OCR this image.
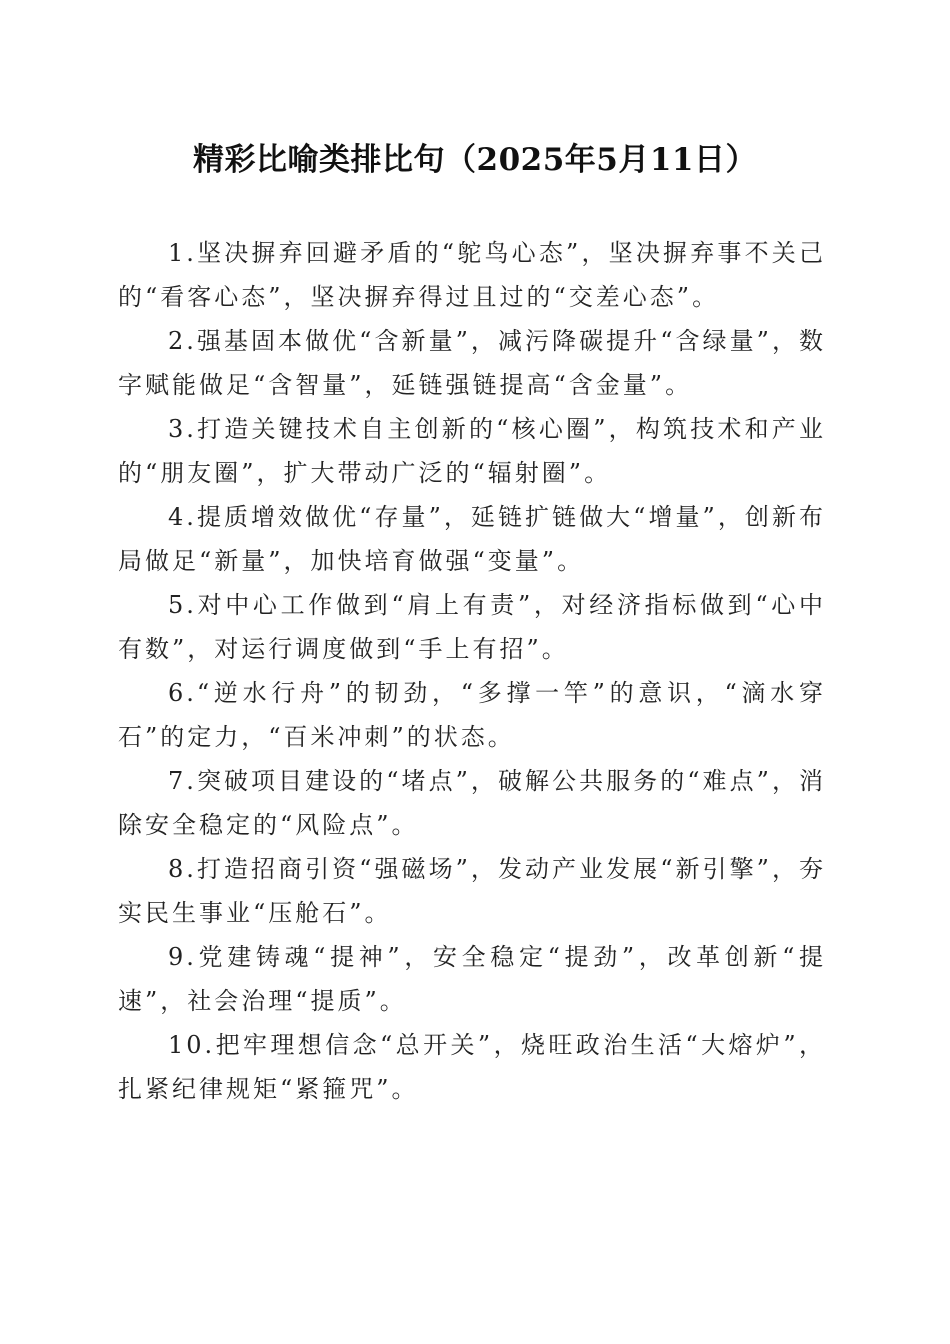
精彩比喻类排比句（2025年5月11日）

1.坚决摒弃回避矛盾的“鸵鸟心态”，坚决摒弃事不关己的“看客心态”，坚决摒弃得过且过的“交差心态”。

2.强基固本做优“含新量”，减污降碳提升“含绿量”，数字赋能做足“含智量”，延链强链提高“含金量”。

3.打造关键技术自主创新的“核心圈”，构筑技术和产业的“朋友圈”，扩大带动广泛的“辐射圈”。

4.提质增效做优“存量”，延链扩链做大“增量”，创新布局做足“新量”，加快培育做强“变量”。

5.对中心工作做到“肩上有责”，对经济指标做到“心中有数”，对运行调度做到“手上有招”。

6.“逆水行舟”的韧劲，“多撑一竿”的意识，“滴水穿石”的定力，“百米冲刺”的状态。

7.突破项目建设的“堵点”，破解公共服务的“难点”，消除安全稳定的“风险点”。

8.打造招商引资“强磁场”，发动产业发展“新引擎”，夯实民生事业“压舱石”。

9.党建铸魂“提神”，安全稳定“提劲”，改革创新“提速”，社会治理“提质”。

10.把牢理想信念“总开关”，烧旺政治生活“大熔炉”，扎紧纪律规矩“紧箍咒”。
